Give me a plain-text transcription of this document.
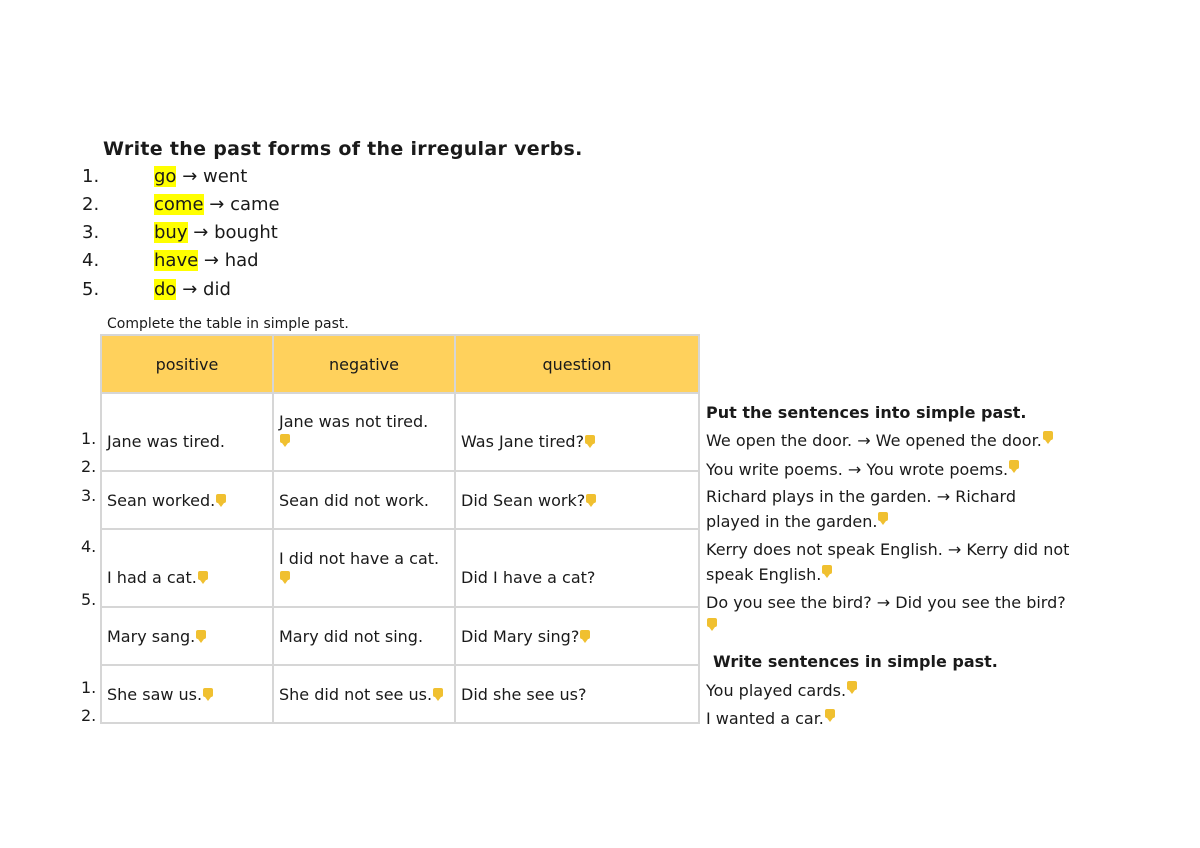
Write the past forms of the irregular verbs.
1.	go → went
2.	come → came
3.	buy → bought
4.	have → had
5.	do → did
Complete the table in simple past.
positive	negative	question
Jane was tired.	Jane was not tired.	Was Jane tired?
Sean worked.	Sean did not work.	Did Sean work?
I had a cat.	I did not have a cat.	Did I have a cat?
Mary sang.	Mary did not sing.	Did Mary sing?
She saw us.	She did not see us.	Did she see us?
1.
2.
3.
4.
5.
1.
2.
Put the sentences into simple past.
We open the door. → We opened the door.
You write poems. → You wrote poems.
Richard plays in the garden. → Richard played in the garden.
Kerry does not speak English. → Kerry did not speak English.
Do you see the bird? → Did you see the bird?

Write sentences in simple past.
You played cards.
I wanted a car.
